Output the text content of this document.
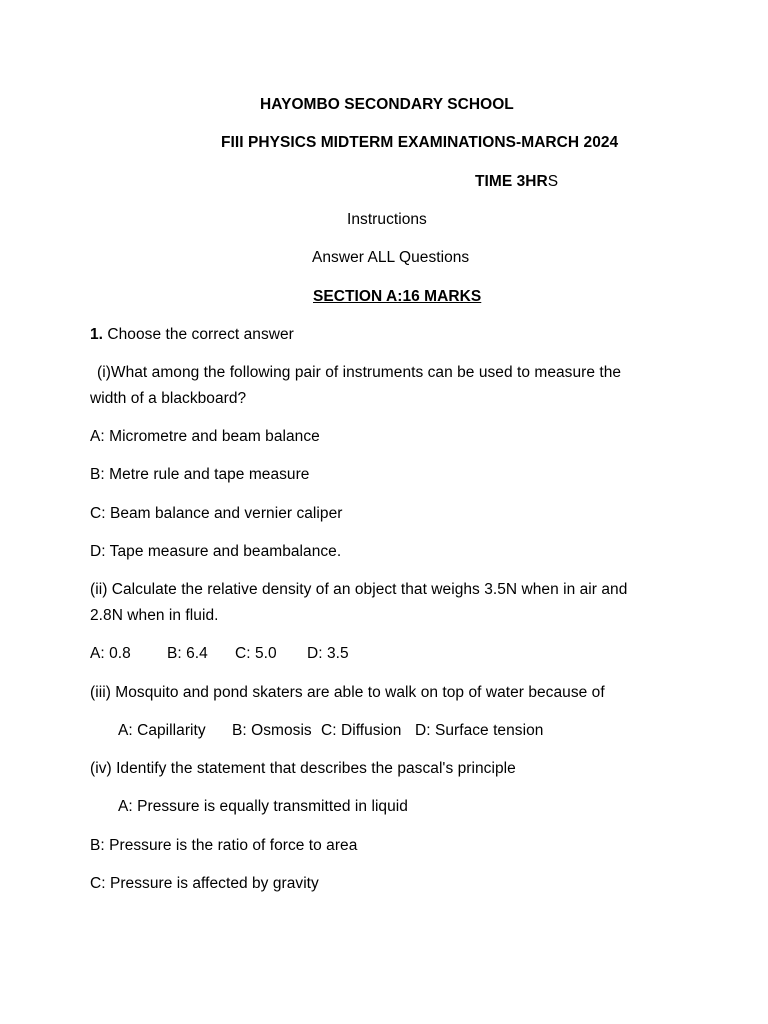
HAYOMBO SECONDARY SCHOOL
FIII PHYSICS MIDTERM EXAMINATIONS-MARCH 2024
TIME 3HRS
Instructions
Answer ALL Questions
SECTION A:16 MARKS
1. Choose the correct answer
(i)What among the following pair of instruments can be used to measure the
width of a blackboard?
A: Micrometre and beam balance
B: Metre rule and tape measure
C: Beam balance and vernier caliper
D: Tape measure and beambalance.
(ii) Calculate the relative density of an object that weighs 3.5N when in air and
2.8N when in fluid.
A: 0.8 B: 6.4 C: 5.0 D: 3.5
(iii) Mosquito and pond skaters are able to walk on top of water because of
A: Capillarity B: Osmosis C: Diffusion D: Surface tension
(iv) Identify the statement that describes the pascal's principle
A: Pressure is equally transmitted in liquid
B: Pressure is the ratio of force to area
C: Pressure is affected by gravity
